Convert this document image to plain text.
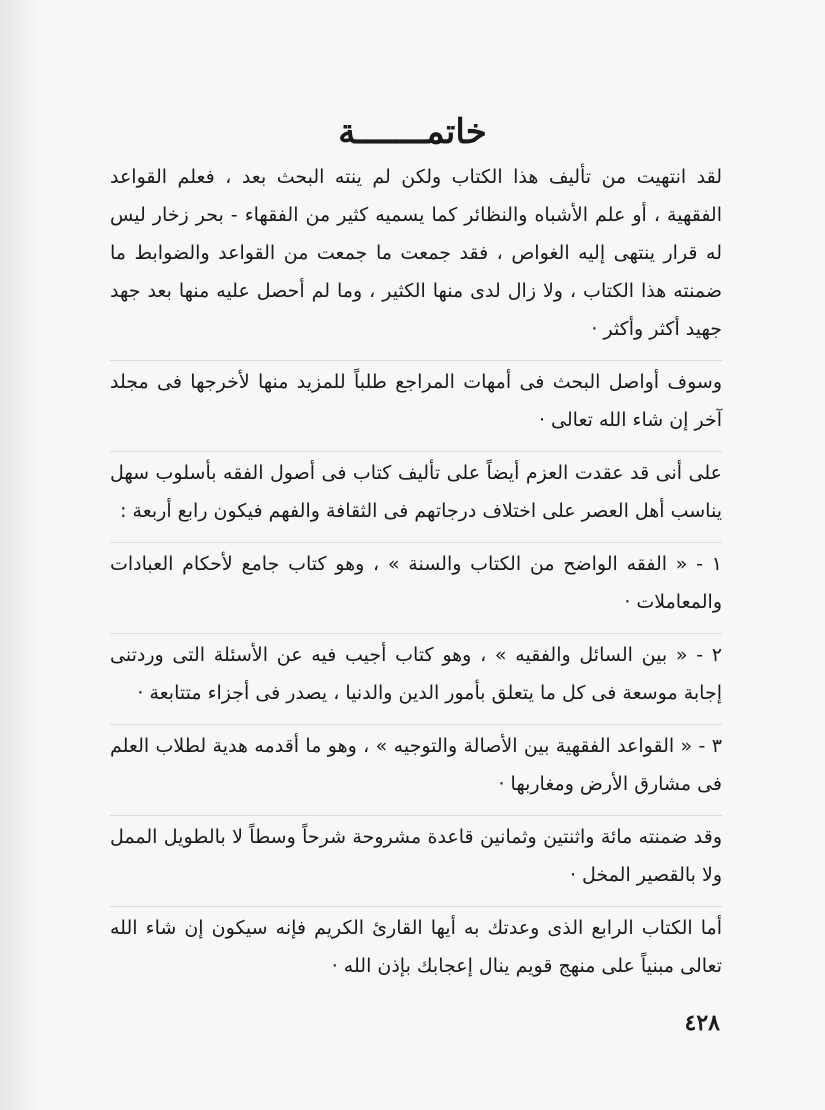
خاتمـــــــة

لقد انتهيت من تأليف هذا الكتاب ولكن لم ينته البحث بعد ، فعلم القواعد الفقهية ، أو علم الأشباه والنظائر كما يسميه كثير من الفقهاء - بحر زخار ليس له قرار ينتهى إليه الغواص ، فقد جمعت ما جمعت من القواعد والضوابط ما ضمنته هذا الكتاب ، ولا زال لدى منها الكثير ، وما لم أحصل عليه منها بعد جهد جهيد أكثر وأكثر ·

وسوف أواصل البحث فى أمهات المراجع طلباً للمزيد منها لأخرجها فى مجلد آخر إن شاء الله تعالى ·

على أنى قد عقدت العزم أيضاً على تأليف كتاب فى أصول الفقه بأسلوب سهل يناسب أهل العصر على اختلاف درجاتهم فى الثقافة والفهم فيكون رابع أربعة :

١ - « الفقه الواضح من الكتاب والسنة » ، وهو كتاب جامع لأحكام العبادات والمعاملات ·

٢ - « بين السائل والفقيه » ، وهو كتاب أجيب فيه عن الأسئلة التى وردتنى إجابة موسعة فى كل ما يتعلق بأمور الدين والدنيا ، يصدر فى أجزاء متتابعة ·

٣ - « القواعد الفقهية بين الأصالة والتوجيه » ، وهو ما أقدمه هدية لطلاب العلم فى مشارق الأرض ومغاربها ·

وقد ضمنته مائة واثنتين وثمانين قاعدة مشروحة شرحاً وسطاً لا بالطويل الممل ولا بالقصير المخل ·

أما الكتاب الرابع الذى وعدتك به أيها القارئ الكريم فإنه سيكون إن شاء الله تعالى مبنياً على منهج قويم ينال إعجابك بإذن الله ·

٤٢٨
